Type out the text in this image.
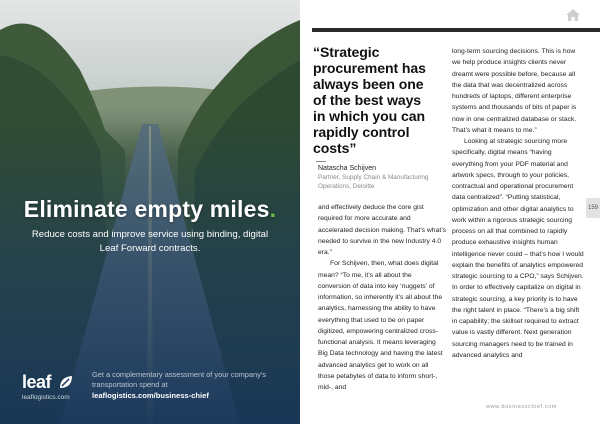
Eliminate empty miles.
Reduce costs and improve service using binding, digital Leaf Forward contracts.
leaf
leaflogistics.com
Get a complementary assessment of your company's transportation spend at
leaflogistics.com/business-chief
“Strategic procurement has always been one of the best ways in which you can rapidly control costs”
Natascha Schijven
Partner, Supply Chain & Manufacturing Operations, Deloitte

and effectively deduce the core gist required for more accurate and accelerated decision making. That’s what’s needed to survive in the new Industry 4.0 era.”

For Schijven, then, what does digital mean? “To me, it’s all about the conversion of data into key ‘nuggets’ of information, so inherently it’s all about the analytics, harnessing the ability to have everything that used to be on paper digitized, empowering centralized cross-functional analysis. It means leveraging Big Data technology and having the latest advanced analytics get to work on all those petabytes of data to inform short-, mid-, and

long-term sourcing decisions. This is how we help produce insights clients never dreamt were possible before, because all the data that was decentralized across hundreds of laptops, different enterprise systems and thousands of bits of paper is now in one centralized database or stack. That’s what it means to me.”

Looking at strategic sourcing more specifically, digital means “having everything from your PDF material and artwork specs, through to your policies, contractual and operational procurement data centralized”. “Putting statistical, optimization and other digital analytics to work within a rigorous strategic sourcing process on all that combined to rapidly produce exhaustive insights human intelligence never could – that’s how I would explain the benefits of analytics empowered strategic sourcing to a CPO,” says Schijven. In order to effectively capitalize on digital in strategic sourcing, a key priority is to have the right talent in place. “There’s a big shift in capability; the skillset required to extract value is vastly different. Next generation sourcing managers need to be trained in advanced analytics and

159
www.businesschief.com
